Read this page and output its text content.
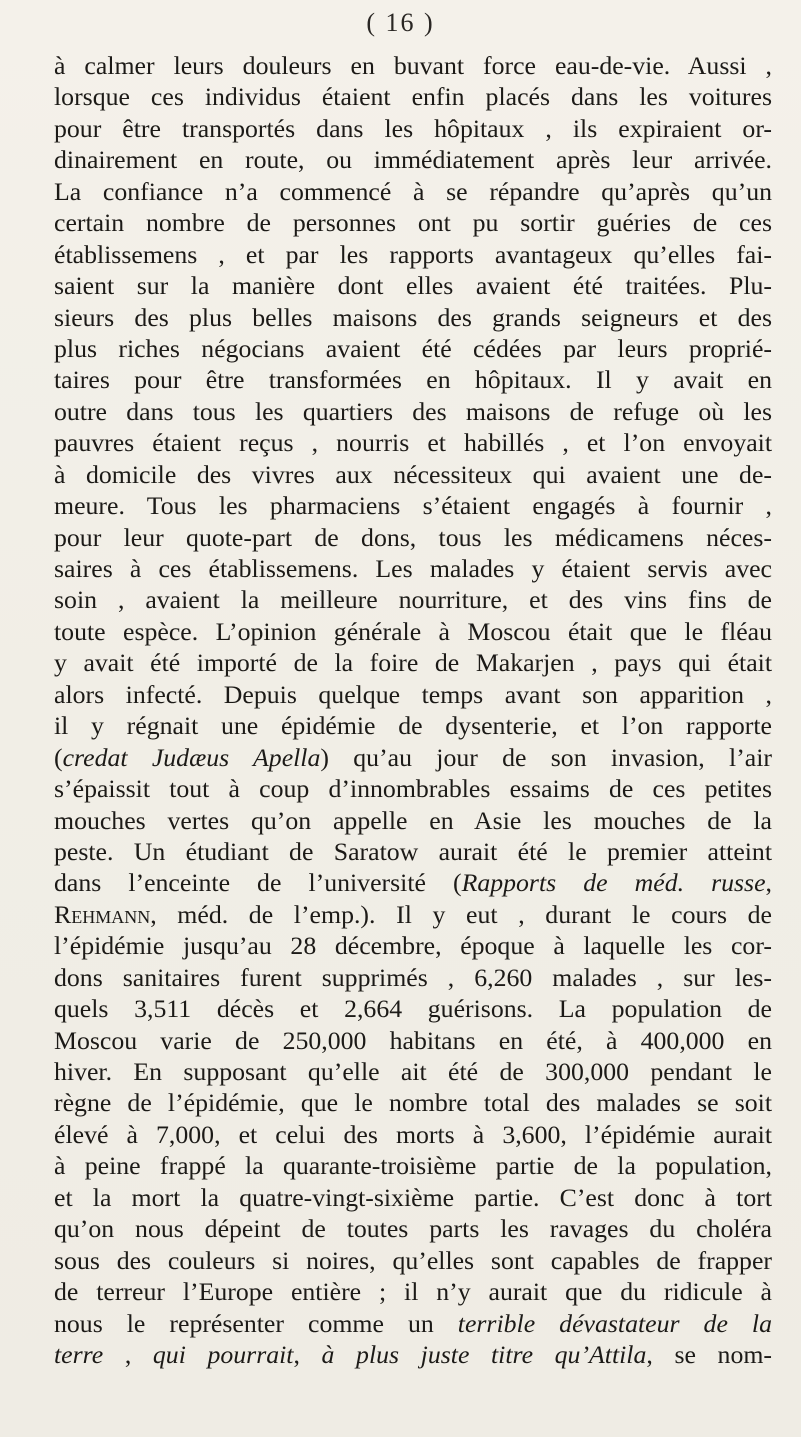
( 16 )
à calmer leurs douleurs en buvant force eau-de-vie. Aussi ,
lorsque ces individus étaient enfin placés dans les voitures
pour être transportés dans les hôpitaux , ils expiraient or-
dinairement en route, ou immédiatement après leur arrivée.
La confiance n’a commencé à se répandre qu’après qu’un
certain nombre de personnes ont pu sortir guéries de ces
établissemens , et par les rapports avantageux qu’elles fai-
saient sur la manière dont elles avaient été traitées. Plu-
sieurs des plus belles maisons des grands seigneurs et des
plus riches négocians avaient été cédées par leurs proprié-
taires pour être transformées en hôpitaux. Il y avait en
outre dans tous les quartiers des maisons de refuge où les
pauvres étaient reçus , nourris et habillés , et l’on envoyait
à domicile des vivres aux nécessiteux qui avaient une de-
meure. Tous les pharmaciens s’étaient engagés à fournir ,
pour leur quote-part de dons, tous les médicamens néces-
saires à ces établissemens. Les malades y étaient servis avec
soin , avaient la meilleure nourriture, et des vins fins de
toute espèce. L’opinion générale à Moscou était que le fléau
y avait été importé de la foire de Makarjen , pays qui était
alors infecté. Depuis quelque temps avant son apparition ,
il y régnait une épidémie de dysenterie, et l’on rapporte
(credat Judæus Apella) qu’au jour de son invasion, l’air
s’épaissit tout à coup d’innombrables essaims de ces petites
mouches vertes qu’on appelle en Asie les mouches de la
peste. Un étudiant de Saratow aurait été le premier atteint
dans l’enceinte de l’université (Rapports de méd. russe,
Rehmann, méd. de l’emp.). Il y eut , durant le cours de
l’épidémie jusqu’au 28 décembre, époque à laquelle les cor-
dons sanitaires furent supprimés , 6,260 malades , sur les-
quels 3,511 décès et 2,664 guérisons. La population de
Moscou varie de 250,000 habitans en été, à 400,000 en
hiver. En supposant qu’elle ait été de 300,000 pendant le
règne de l’épidémie, que le nombre total des malades se soit
élevé à 7,000, et celui des morts à 3,600, l’épidémie aurait
à peine frappé la quarante-troisième partie de la population,
et la mort la quatre-vingt-sixième partie. C’est donc à tort
qu’on nous dépeint de toutes parts les ravages du choléra
sous des couleurs si noires, qu’elles sont capables de frapper
de terreur l’Europe entière ; il n’y aurait que du ridicule à
nous le représenter comme un terrible dévastateur de la
terre , qui pourrait, à plus juste titre qu’Attila, se nom-
